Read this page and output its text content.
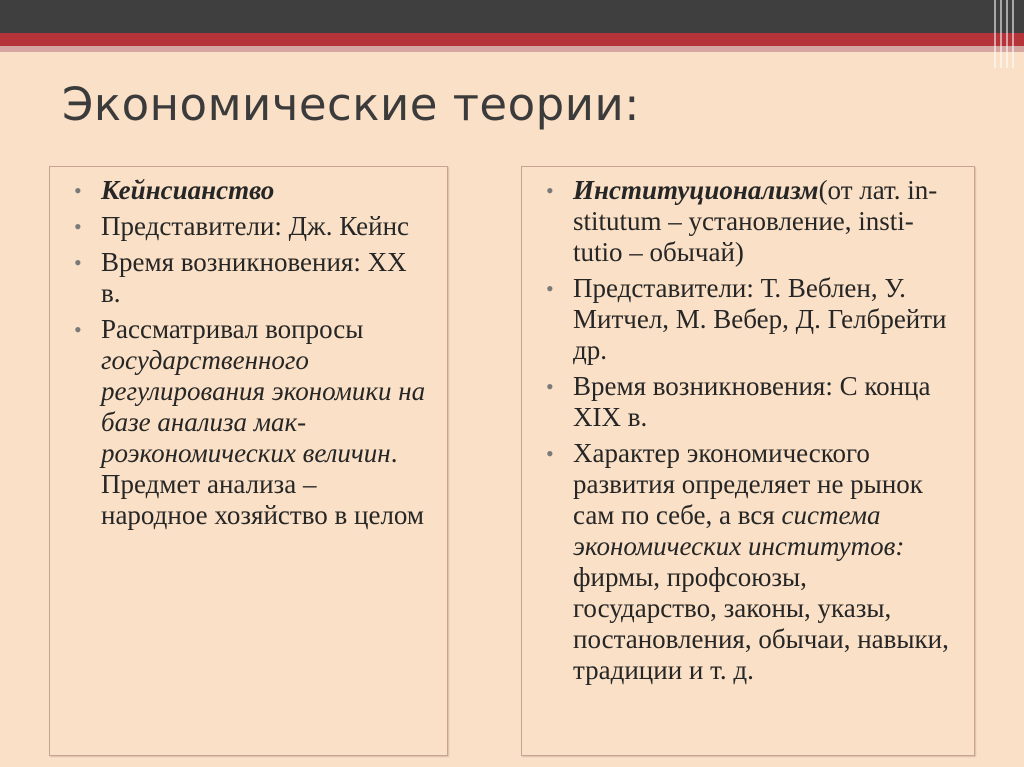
Экономические теории:
• Кейнсианство
• Представители: Дж. Кейнс
• Время возникновения: XX в.
• Рассматривал вопросы государственного регулирования экономики на базе анализа мак-роэкономических величин. Предмет анализа – народное хозяйство в целом
• Институционализм(от лат. in-stitutum – установление, insti-tutio – обычай)
• Представители: Т. Веблен, У. Митчел, М. Вебер, Д. Гелбрейти др.
• Время возникновения: С конца XIX в.
• Характер экономического развития определяет не рынок сам по себе, а вся система экономических институтов: фирмы, профсоюзы, государство, законы, указы, постановления, обычаи, навыки, традиции и т. д.
